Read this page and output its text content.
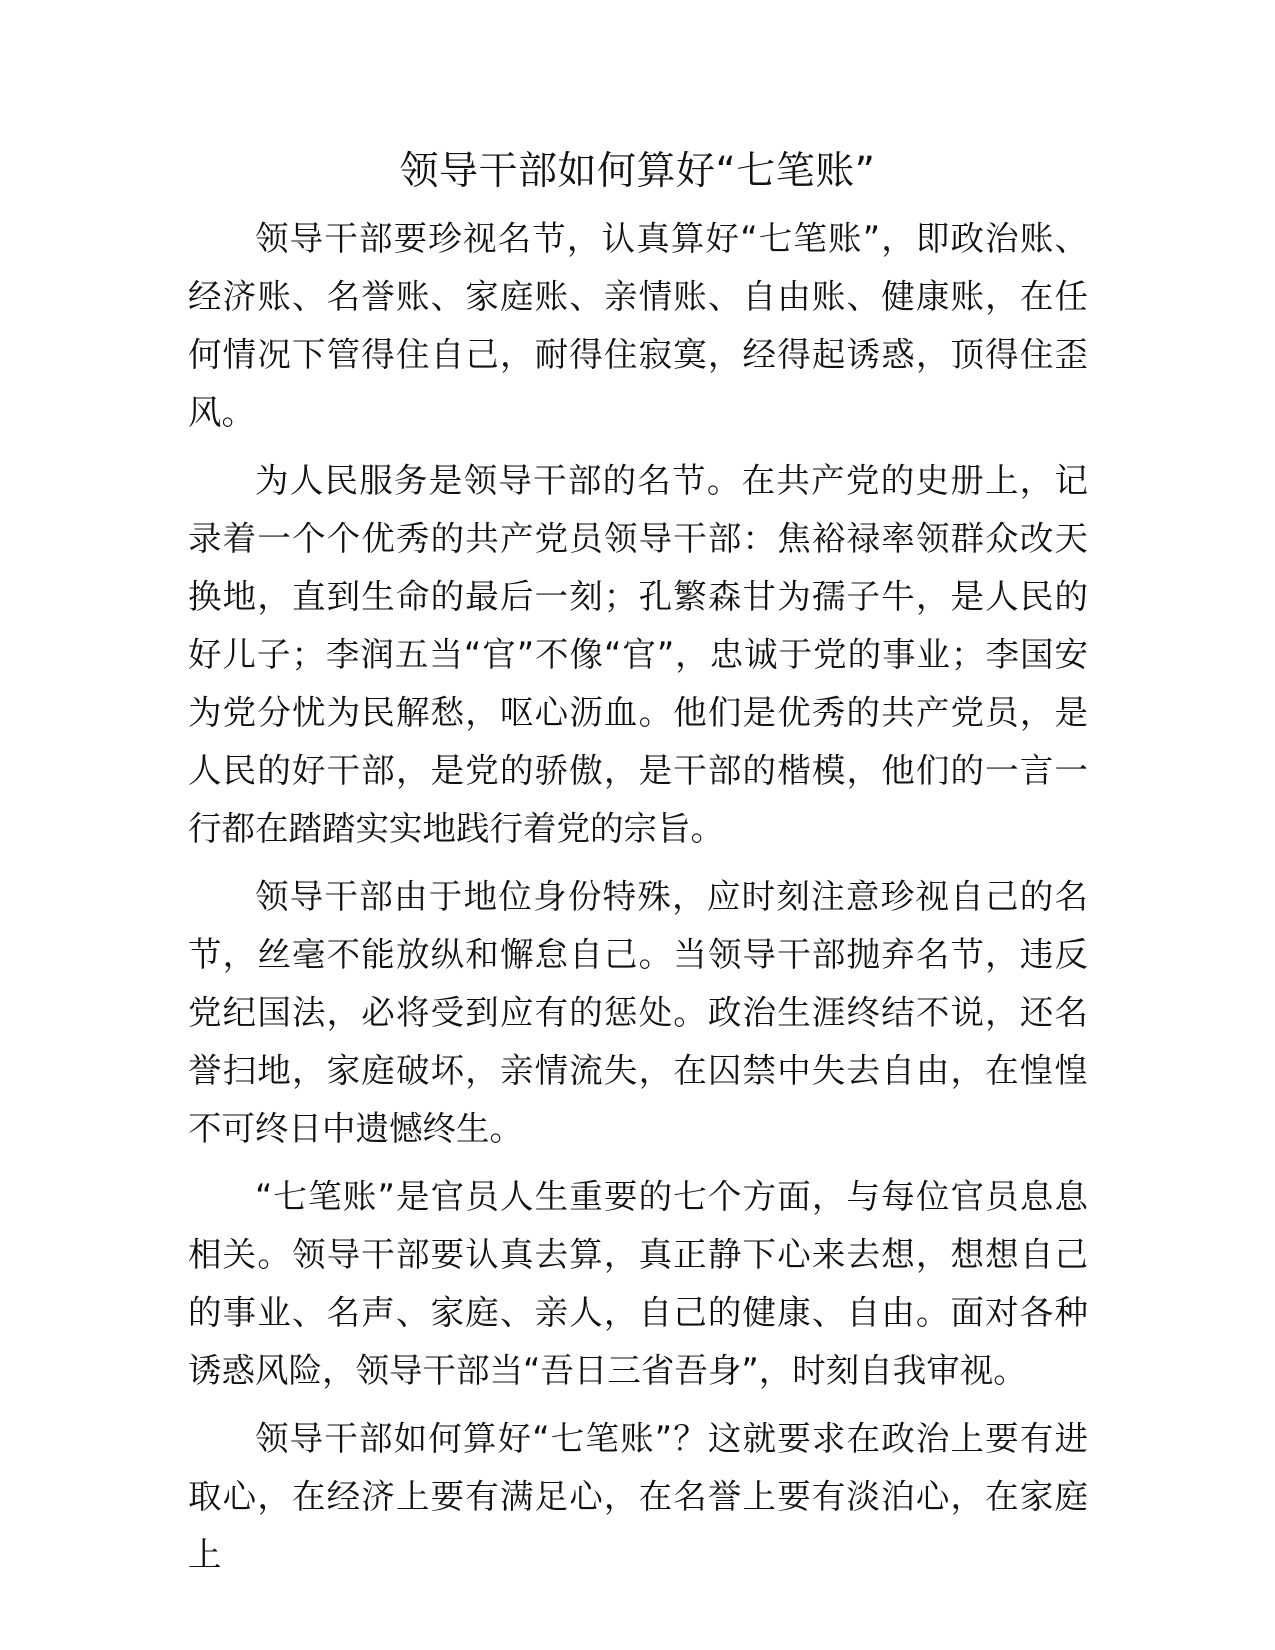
领导干部如何算好“七笔账”

领导干部要珍视名节，认真算好“七笔账”，即政治账、经济账、名誉账、家庭账、亲情账、自由账、健康账，在任何情况下管得住自己，耐得住寂寞，经得起诱惑，顶得住歪风。

为人民服务是领导干部的名节。在共产党的史册上，记录着一个个优秀的共产党员领导干部：焦裕禄率领群众改天换地，直到生命的最后一刻；孔繁森甘为孺子牛，是人民的好儿子；李润五当“官”不像“官”，忠诚于党的事业；李国安为党分忧为民解愁，呕心沥血。他们是优秀的共产党员，是人民的好干部，是党的骄傲，是干部的楷模，他们的一言一行都在踏踏实实地践行着党的宗旨。

领导干部由于地位身份特殊，应时刻注意珍视自己的名节，丝毫不能放纵和懈怠自己。当领导干部抛弃名节，违反党纪国法，必将受到应有的惩处。政治生涯终结不说，还名誉扫地，家庭破坏，亲情流失，在囚禁中失去自由，在惶惶不可终日中遗憾终生。

“七笔账”是官员人生重要的七个方面，与每位官员息息相关。领导干部要认真去算，真正静下心来去想，想想自己的事业、名声、家庭、亲人，自己的健康、自由。面对各种诱惑风险，领导干部当“吾日三省吾身”，时刻自我审视。

领导干部如何算好“七笔账”？这就要求在政治上要有进取心，在经济上要有满足心，在名誉上要有淡泊心，在家庭上
